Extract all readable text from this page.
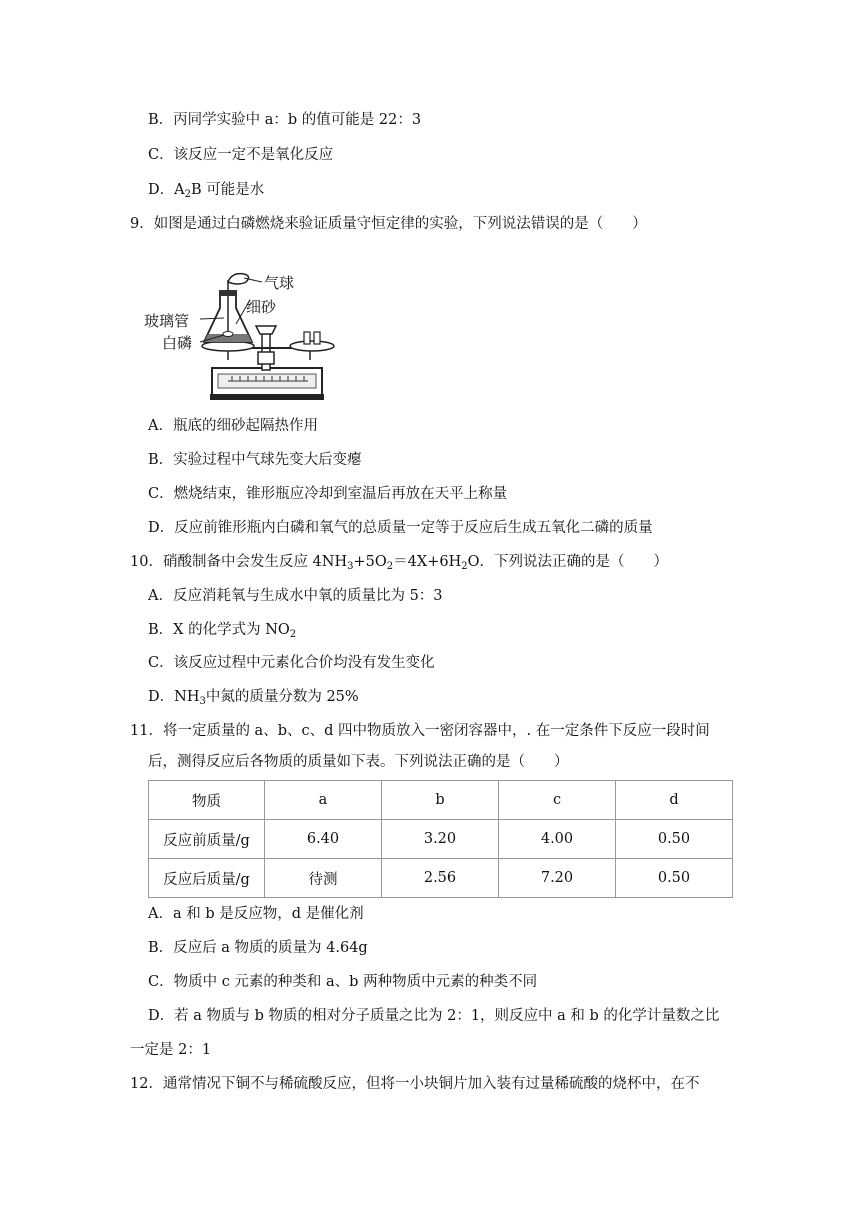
B．丙同学实验中 a：b 的值可能是 22：3
C．该反应一定不是氧化反应
D．$A_2B$ 可能是水
9．如图是通过白磷燃烧来验证质量守恒定律的实验，下列说法错误的是（　　）
气球
细砂
玻璃管
白磷
A．瓶底的细砂起隔热作用
B．实验过程中气球先变大后变瘪
C．燃烧结束，锥形瓶应冷却到室温后再放在天平上称量
D．反应前锥形瓶内白磷和氧气的总质量一定等于反应后生成五氧化二磷的质量
10．硝酸制备中会发生反应 $4NH_3+5O_2=4X+6H_2O$．下列说法正确的是（　　）
A．反应消耗氧与生成水中氧的质量比为 5：3
B．X 的化学式为 $NO_2$
C．该反应过程中元素化合价均没有发生变化
D．$NH_3$中氮的质量分数为 25%
11．将一定质量的 a、b、c、d 四中物质放入一密闭容器中，. 在一定条件下反应一段时间
后，测得反应后各物质的质量如下表。下列说法正确的是（　　）
物质	a	b	c	d
反应前质量/g	6.40	3.20	4.00	0.50
反应后质量/g	待测	2.56	7.20	0.50
A．a 和 b 是反应物，d 是催化剂
B．反应后 a 物质的质量为 4.64g
C．物质中 c 元素的种类和 a、b 两种物质中元素的种类不同
D．若 a 物质与 b 物质的相对分子质量之比为 2：1，则反应中 a 和 b 的化学计量数之比
一定是 2：1
12．通常情况下铜不与稀硫酸反应，但将一小块铜片加入装有过量稀硫酸的烧杯中，在不
